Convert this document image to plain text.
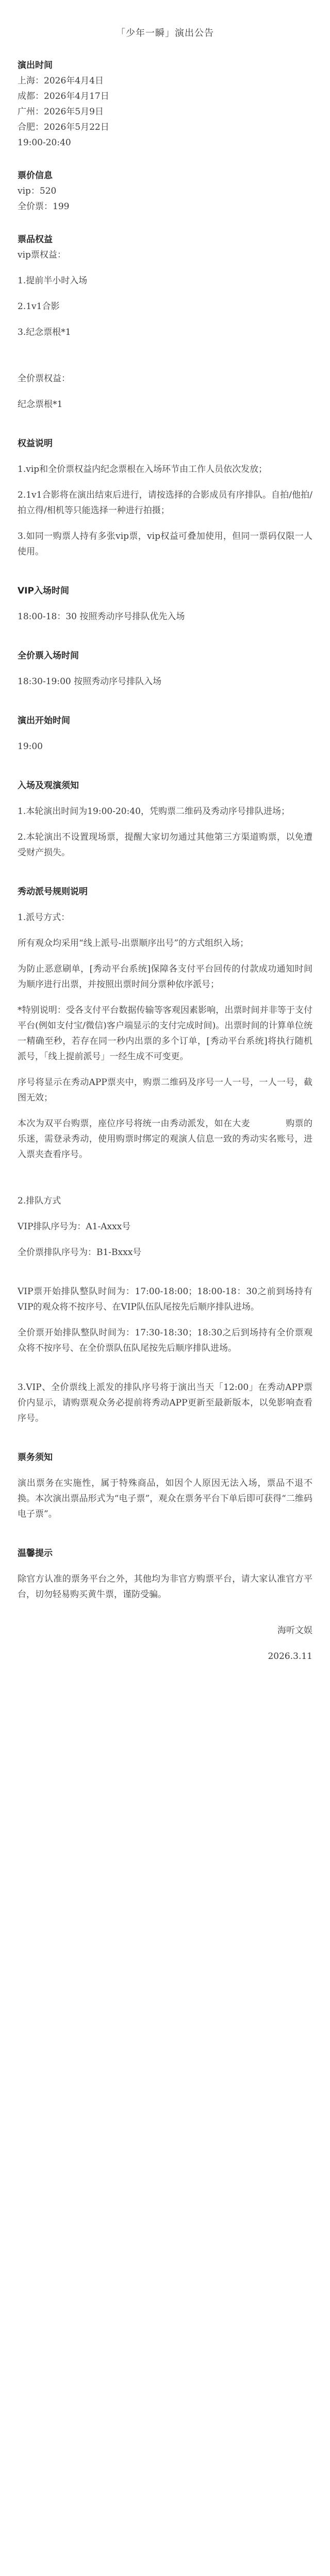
「少年一瞬」演出公告
演出时间
上海：2026年4月4日
成都：2026年4月17日
广州：2026年5月9日
合肥：2026年5月22日
19:00-20:40
票价信息
vip：520
全价票：199
票品权益
vip票权益：
1.提前半小时入场
2.1v1合影
3.纪念票根*1
全价票权益：
纪念票根*1
权益说明
1.vip和全价票权益内纪念票根在入场环节由工作人员依次发放；
2.1v1合影将在演出结束后进行，请按选择的合影成员有序排队。自拍/他拍/拍立得/相机等只能选择一种进行拍摄；
3.如同一购票人持有多张vip票，vip权益可叠加使用，但同一票码仅限一人使用。
VIP入场时间
18:00-18：30 按照秀动序号排队优先入场
全价票入场时间
18:30-19:00 按照秀动序号排队入场
演出开始时间
19:00
入场及观演须知
1.本轮演出时间为19:00-20:40，凭购票二维码及秀动序号排队进场；
2.本轮演出不设置现场票，提醒大家切勿通过其他第三方渠道购票，以免遭受财产损失。
秀动派号规则说明
1.派号方式：
所有观众均采用“线上派号-出票顺序出号”的方式组织入场；
为防止恶意刷单，[秀动平台系统]保障各支付平台回传的付款成功通知时间为顺序进行出票，并按照出票时间分票种依序派号；
*特别说明：受各支付平台数据传输等客观因素影响，出票时间并非等于支付平台(例如支付宝/微信)客户端显示的支付完成时间)。出票时间的计算单位统一精确至秒，若存在同一秒内出票的多个订单，[秀动平台系统]将执行随机派号，「线上提前派号」一经生成不可变更。
序号将显示在秀动APP票夹中，购票二维码及序号一人一号，一人一号，截图无效；
本次为双平台购票，座位序号将统一由秀动派发，如在大麦　　　　购票的乐迷，需登录秀动，使用购票时绑定的观演人信息一致的秀动实名账号，进入票夹查看序号。
2.排队方式
VIP排队序号为：A1-Axxx号
全价票排队序号为：B1-Bxxx号
VIP票开始排队整队时间为：17:00-18:00；18:00-18：30之前到场持有VIP的观众将不按序号、在VIP队伍队尾按先后顺序排队进场。
全价票开始排队整队时间为：17:30-18:30；18:30之后到场持有全价票观众将不按序号、在全价票队伍队尾按先后顺序排队进场。
3.VIP、全价票线上派发的排队序号将于演出当天「12:00」在秀动APP票价内显示，请购票观众务必提前将秀动APP更新至最新版本，以免影响查看序号。
票务须知
演出票务在实施性，属于特殊商品，如因个人原因无法入场，票品不退不换。本次演出票品形式为“电子票”，观众在票务平台下单后即可获得“二维码电子票”。
温馨提示
除官方认准的票务平台之外，其他均为非官方购票平台，请大家认准官方平台，切勿轻易购买黄牛票，谨防受骗。
海听文娱
2026.3.11
